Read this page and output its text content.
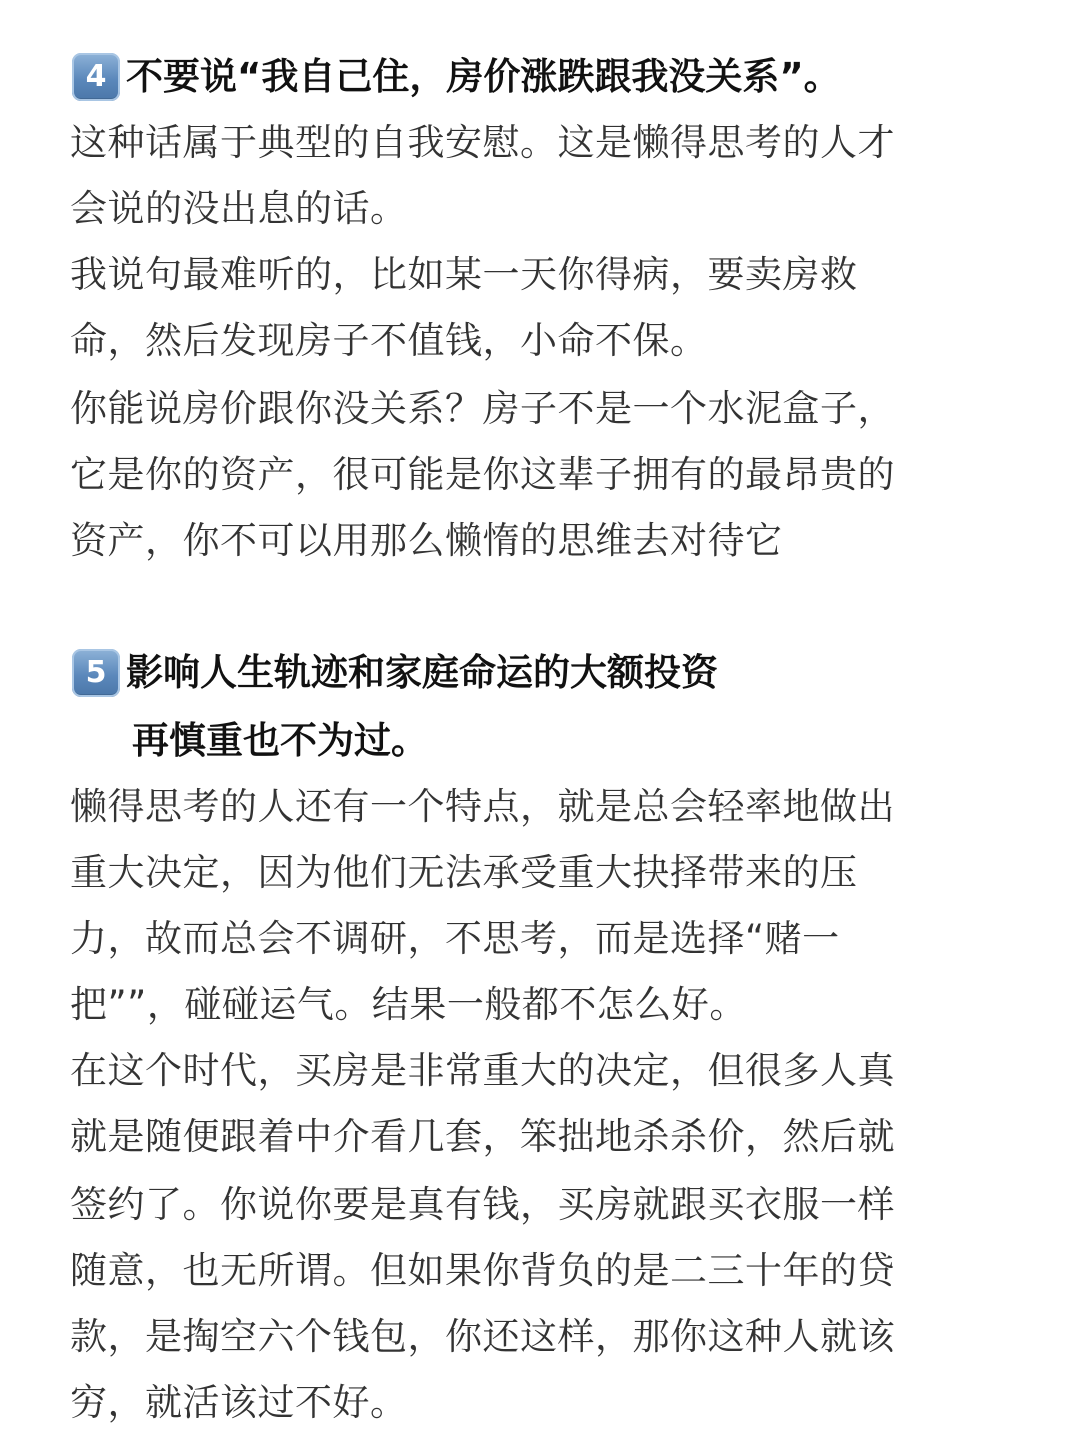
4 不要说“我自己住，房价涨跌跟我没关系”。
这种话属于典型的自我安慰。这是懒得思考的人才
会说的没出息的话。
我说句最难听的，比如某一天你得病，要卖房救
命，然后发现房子不值钱，小命不保。
你能说房价跟你没关系？房子不是一个水泥盒子，
它是你的资产，很可能是你这辈子拥有的最昂贵的
资产，你不可以用那么懒惰的思维去对待它
5 影响人生轨迹和家庭命运的大额投资
再慎重也不为过。
懒得思考的人还有一个特点，就是总会轻率地做出
重大决定，因为他们无法承受重大抉择带来的压
力，故而总会不调研，不思考，而是选择“赌一
把””，碰碰运气。结果一般都不怎么好。
在这个时代，买房是非常重大的决定，但很多人真
就是随便跟着中介看几套，笨拙地杀杀价，然后就
签约了。你说你要是真有钱，买房就跟买衣服一样
随意，也无所谓。但如果你背负的是二三十年的贷
款，是掏空六个钱包，你还这样，那你这种人就该
穷，就活该过不好。
